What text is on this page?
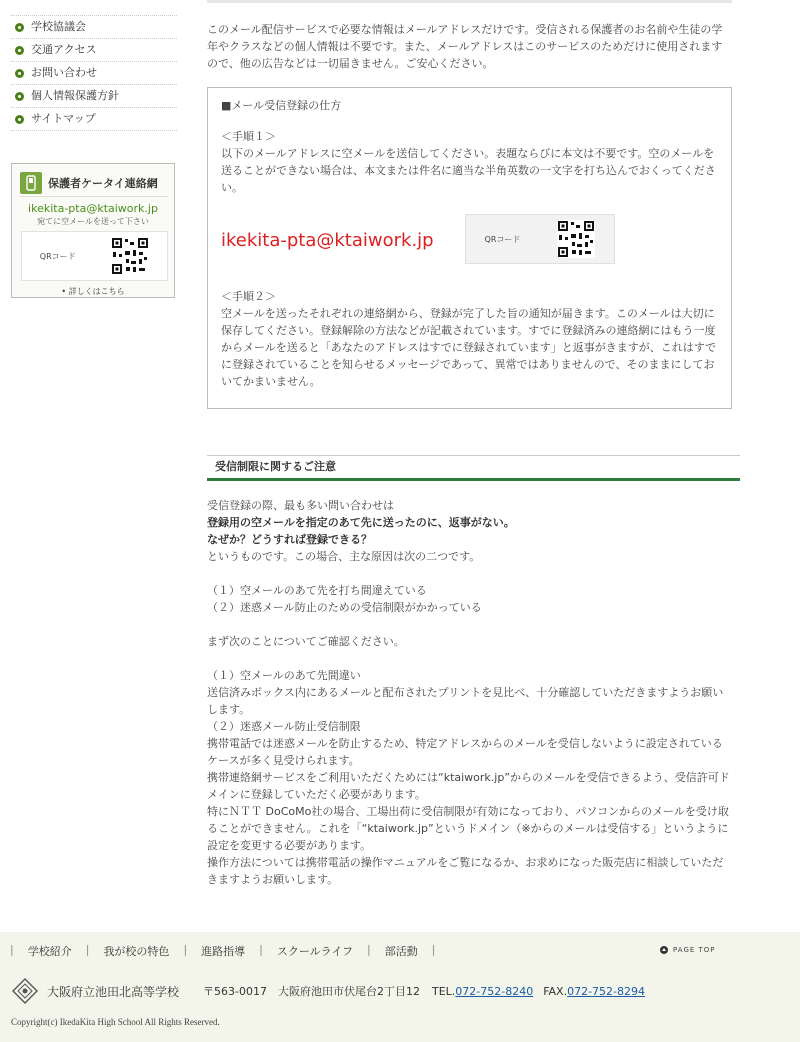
学校協議会
交通アクセス
お問い合わせ
個人情報保護方針
サイトマップ
保護者ケータイ連絡網
ikekita-pta@ktaiwork.jp
宛てに空メールを送って下さい
QRコード
• 詳しくはこちら
このメール配信サービスで必要な情報はメールアドレスだけです。受信される保護者のお名前や生徒の学年やクラスなどの個人情報は不要です。また、メールアドレスはこのサービスのためだけに使用されますので、他の広告などは一切届きません。ご安心ください。
■メール受信登録の仕方
＜手順１＞
以下のメールアドレスに空メールを送信してください。表題ならびに本文は不要です。空のメールを送ることができない場合は、本文または件名に適当な半角英数の一文字を打ち込んでおくってください。
ikekita-pta@ktaiwork.jp	QRコード
＜手順２＞
空メールを送ったそれぞれの連絡網から、登録が完了した旨の通知が届きます。このメールは大切に保存してください。登録解除の方法などが記載されています。すでに登録済みの連絡網にはもう一度からメールを送ると「あなたのアドレスはすでに登録されています」と返事がきますが、これはすでに登録されていることを知らせるメッセージであって、異常ではありませんので、そのままにしておいてかまいません。
受信制限に関するご注意

受信登録の際、最も多い問い合わせは

登録用の空メールを指定のあて先に送ったのに、返事がない。

なぜか？どうすれば登録できる？

というものです。この場合、主な原因は次の二つです。

（１）空メールのあて先を打ち間違えている

（２）迷惑メール防止のための受信制限がかかっている

まず次のことについてご確認ください。

（１）空メールのあて先間違い

送信済みボックス内にあるメールと配布されたプリントを見比べ、十分確認していただきますようお願いします。

（２）迷惑メール防止受信制限

携帯電話では迷惑メールを防止するため、特定アドレスからのメールを受信しないように設定されているケースが多く見受けられます。

携帯連絡網サービスをご利用いただくためには“ktaiwork.jp”からのメールを受信できるよう、受信許可ドメインに登録していただく必要があります。

特にＮＴＴ DoCoMo社の場合、工場出荷に受信制限が有効になっており、パソコンからのメールを受け取ることができません。これを「“ktaiwork.jp”というドメイン（※からのメールは受信する」というように設定を変更する必要があります。

操作方法については携帯電話の操作マニュアルをご覧になるか、お求めになった販売店に相談していただきますようお願いします。

| 学校紹介 | 我が校の特色 | 進路指導 | スクールライフ | 部活動 |	PAGE TOP
大阪府立池田北高等学校 〒563-0017　大阪府池田市伏尾台2丁目12 TEL. 072-752-8240 FAX. 072-752-8294
Copyright(c) IkedaKita High School All Rights Reserved.
